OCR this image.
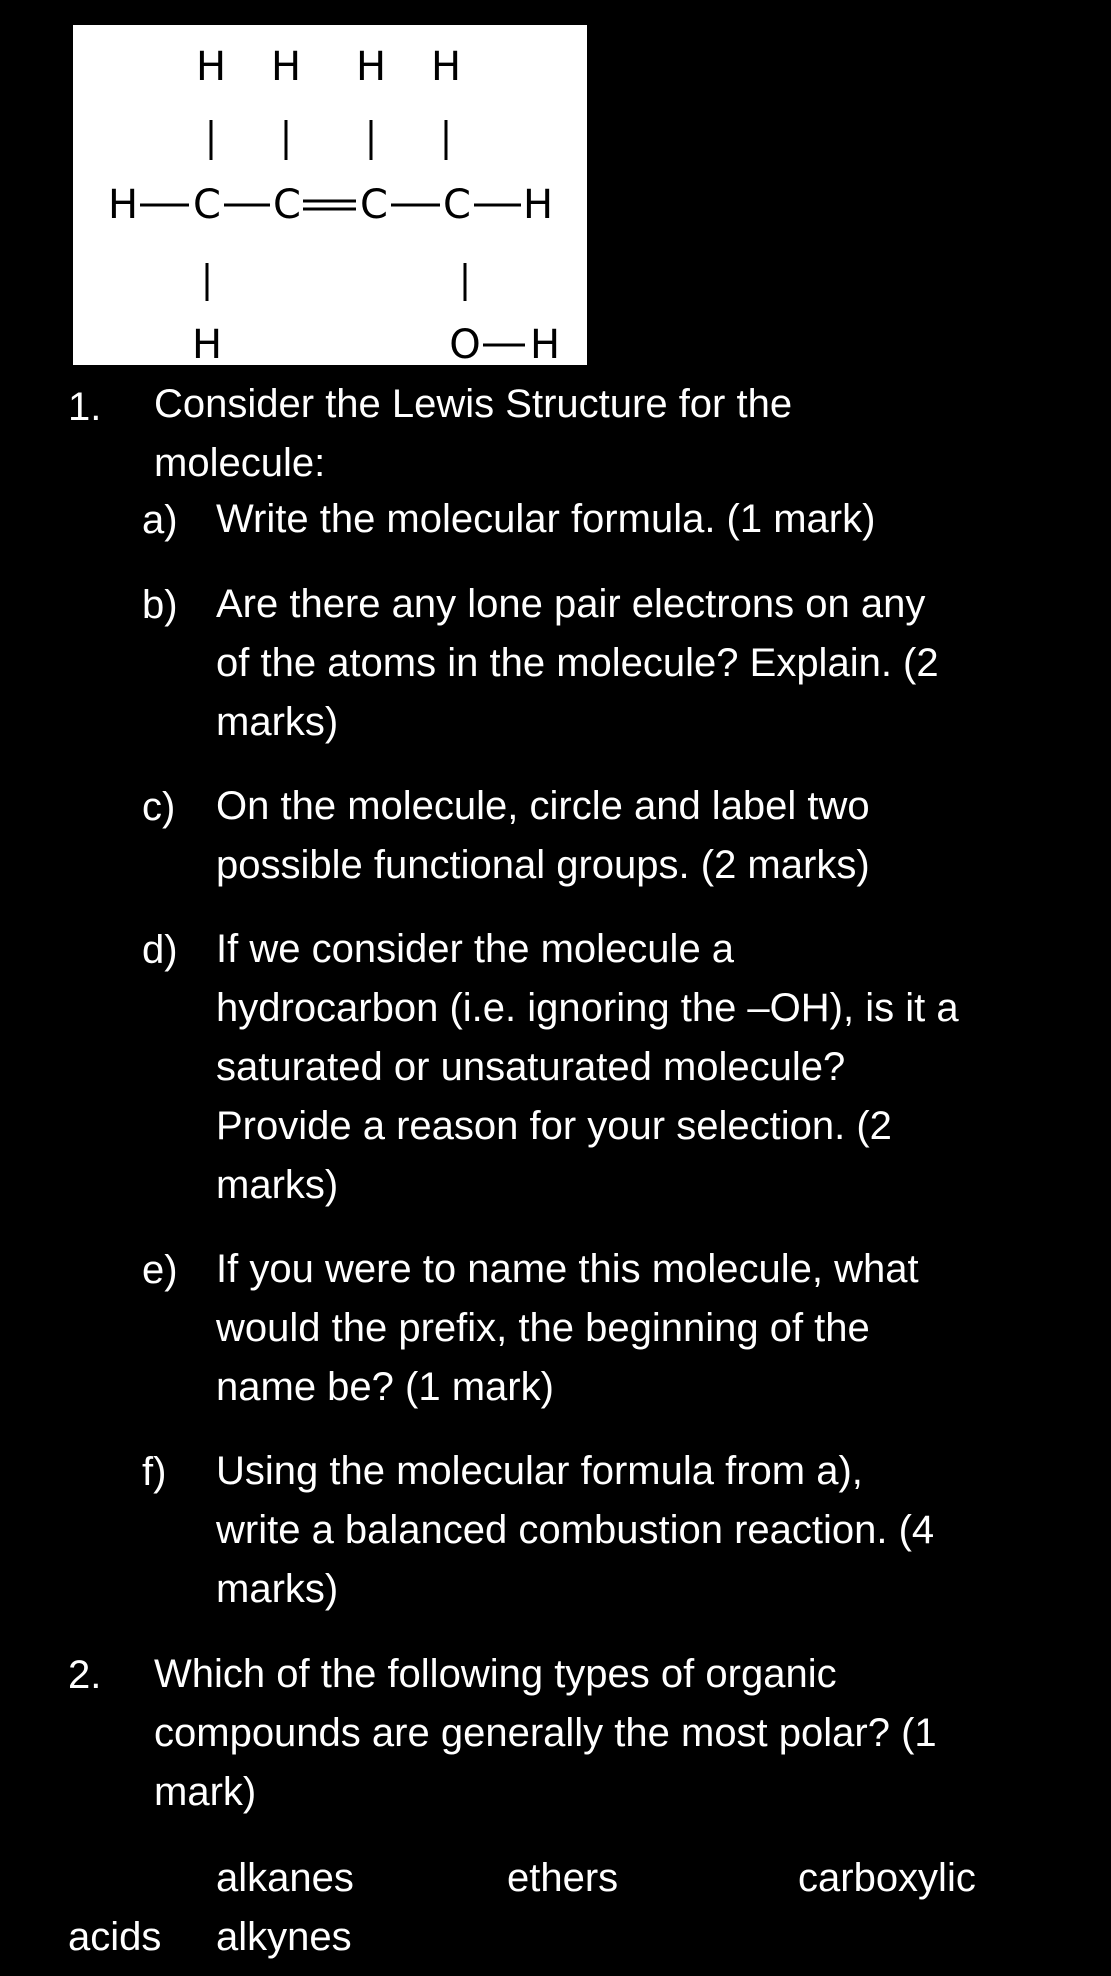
H H H H
H C C C C H
H	O H
1. Consider the Lewis Structure for the
molecule:
a) Write the molecular formula. (1 mark)
b) Are there any lone pair electrons on any
of the atoms in the molecule? Explain. (2
marks)
c) On the molecule, circle and label two
possible functional groups. (2 marks)
d) If we consider the molecule a
hydrocarbon (i.e. ignoring the –OH), is it a
saturated or unsaturated molecule?
Provide a reason for your selection. (2
marks)
e) If you were to name this molecule, what
would the prefix, the beginning of the
name be? (1 mark)
f) Using the molecular formula from a),
write a balanced combustion reaction. (4
marks)
2. Which of the following types of organic
compounds are generally the most polar? (1
mark)
alkanes	ethers	carboxylic
acids alkynes
